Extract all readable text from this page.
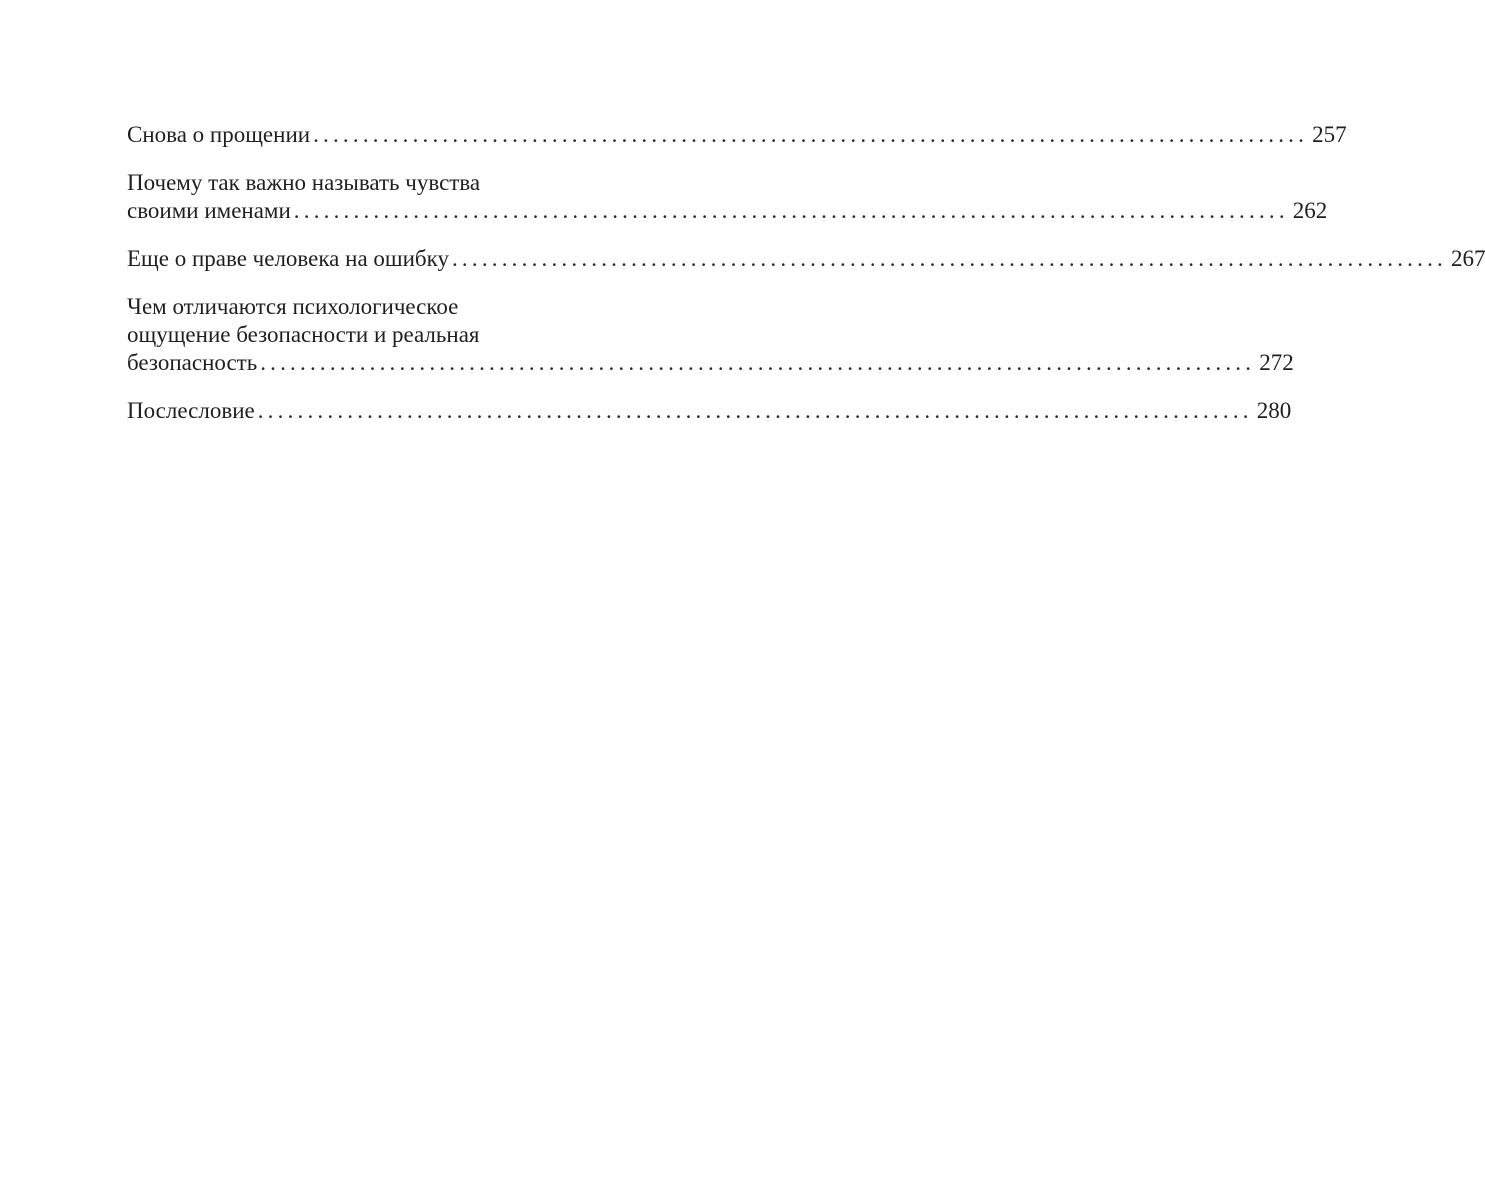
Снова о прощении .................................................................................................... 257
Почему так важно называть чувства
своими именами .................................................................................................... 262
Еще о праве человека на ошибку .................................................................................................... 267
Чем отличаются психологическое
ощущение безопасности и реальная
безопасность .................................................................................................... 272
Послесловие .................................................................................................... 280
